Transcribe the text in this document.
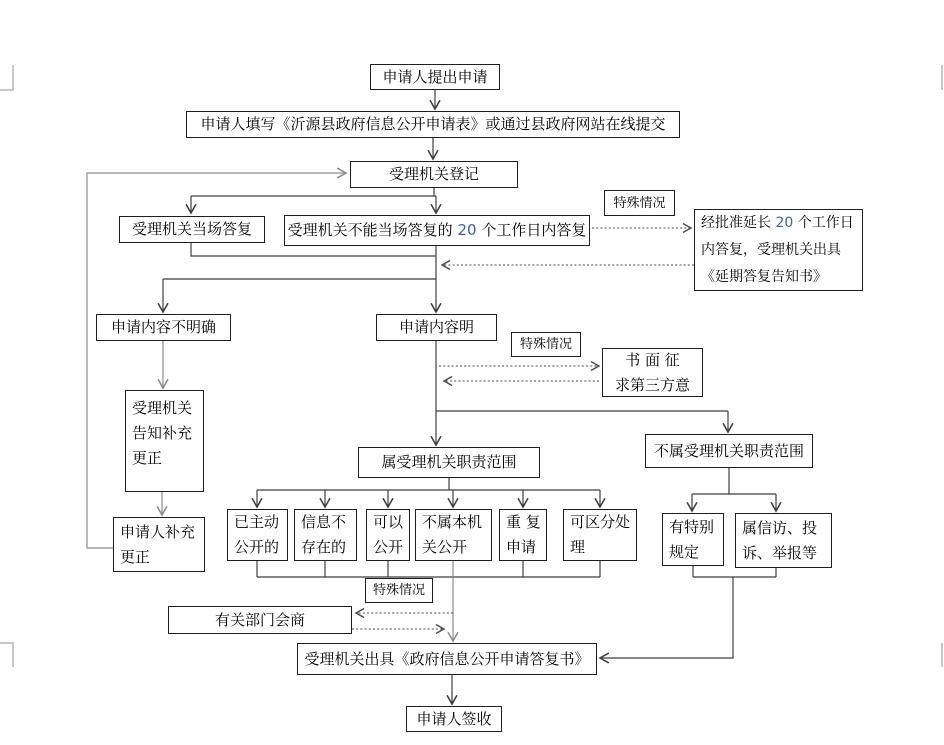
申请人提出申请
申请人填写《沂源县政府信息公开申请表》或通过县政府网站在线提交
受理机关登记
受理机关当场答复 受理机关不能当场答复的 20 个工作日内答复
特殊情况
经批准延长 20 个工作日
内答复，受理机关出具
《延期答复告知书》
申请内容不明确	申请内容明
特殊情况
书 面 征
求第三方意
属受理机关职责范围
不属受理机关职责范围
已主动
公开的
信息不
存在的
可以
公开
不属本机
关公开
重 复
申请
可区分处
理
有特别
规定
属信访、投
诉、举报等
特殊情况
有关部门会商
受理机关出具《政府信息公开申请答复书》
受理机关
告知补充
更正
申请人补充
更正
申请人签收
